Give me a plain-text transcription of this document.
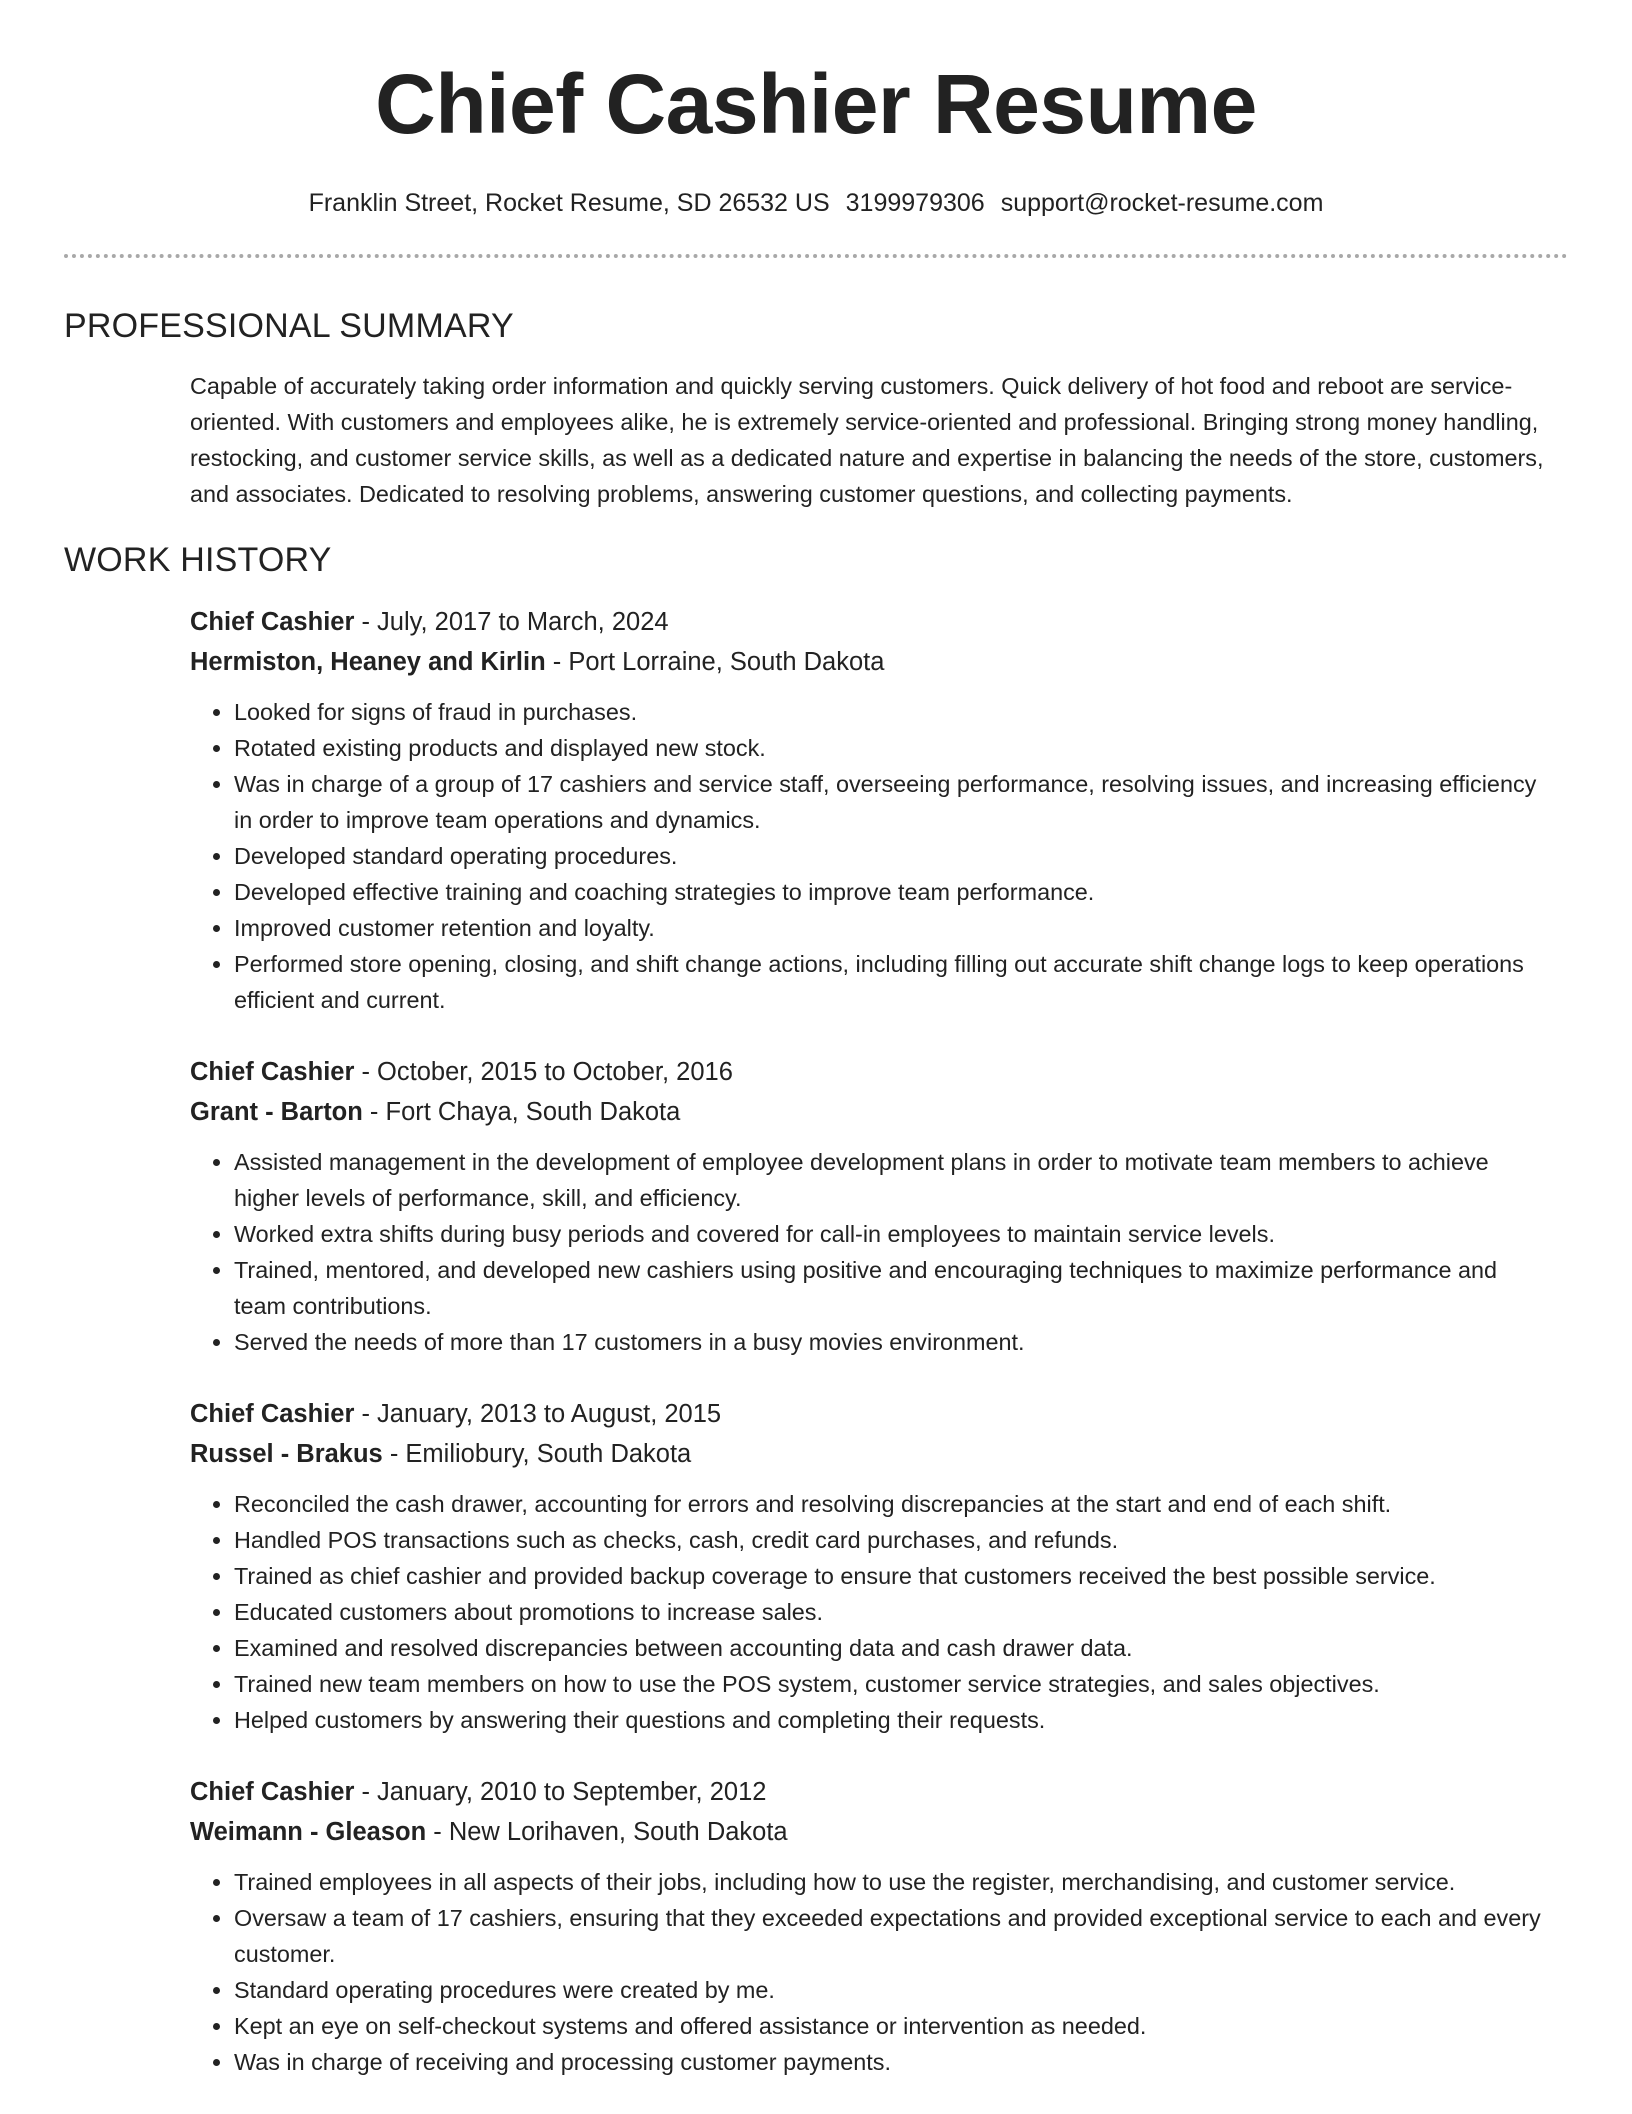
Chief Cashier Resume
Franklin Street, Rocket Resume, SD 26532 US 3199979306 support@rocket-resume.com
PROFESSIONAL SUMMARY

Capable of accurately taking order information and quickly serving customers. Quick delivery of hot food and reboot are service-oriented. With customers and employees alike, he is extremely service-oriented and professional. Bringing strong money handling, restocking, and customer service skills, as well as a dedicated nature and expertise in balancing the needs of the store, customers, and associates. Dedicated to resolving problems, answering customer questions, and collecting payments.

WORK HISTORY
Chief Cashier - July, 2017 to March, 2024
Hermiston, Heaney and Kirlin - Port Lorraine, South Dakota
• Looked for signs of fraud in purchases.
• Rotated existing products and displayed new stock.
• Was in charge of a group of 17 cashiers and service staff, overseeing performance, resolving issues, and increasing efficiency in order to improve team operations and dynamics.
• Developed standard operating procedures.
• Developed effective training and coaching strategies to improve team performance.
• Improved customer retention and loyalty.
• Performed store opening, closing, and shift change actions, including filling out accurate shift change logs to keep operations efficient and current.
Chief Cashier - October, 2015 to October, 2016
Grant - Barton - Fort Chaya, South Dakota
• Assisted management in the development of employee development plans in order to motivate team members to achieve higher levels of performance, skill, and efficiency.
• Worked extra shifts during busy periods and covered for call-in employees to maintain service levels.
• Trained, mentored, and developed new cashiers using positive and encouraging techniques to maximize performance and team contributions.
• Served the needs of more than 17 customers in a busy movies environment.
Chief Cashier - January, 2013 to August, 2015
Russel - Brakus - Emiliobury, South Dakota
• Reconciled the cash drawer, accounting for errors and resolving discrepancies at the start and end of each shift.
• Handled POS transactions such as checks, cash, credit card purchases, and refunds.
• Trained as chief cashier and provided backup coverage to ensure that customers received the best possible service.
• Educated customers about promotions to increase sales.
• Examined and resolved discrepancies between accounting data and cash drawer data.
• Trained new team members on how to use the POS system, customer service strategies, and sales objectives.
• Helped customers by answering their questions and completing their requests.
Chief Cashier - January, 2010 to September, 2012
Weimann - Gleason - New Lorihaven, South Dakota
• Trained employees in all aspects of their jobs, including how to use the register, merchandising, and customer service.
• Oversaw a team of 17 cashiers, ensuring that they exceeded expectations and provided exceptional service to each and every customer.
• Standard operating procedures were created by me.
• Kept an eye on self-checkout systems and offered assistance or intervention as needed.
• Was in charge of receiving and processing customer payments.
